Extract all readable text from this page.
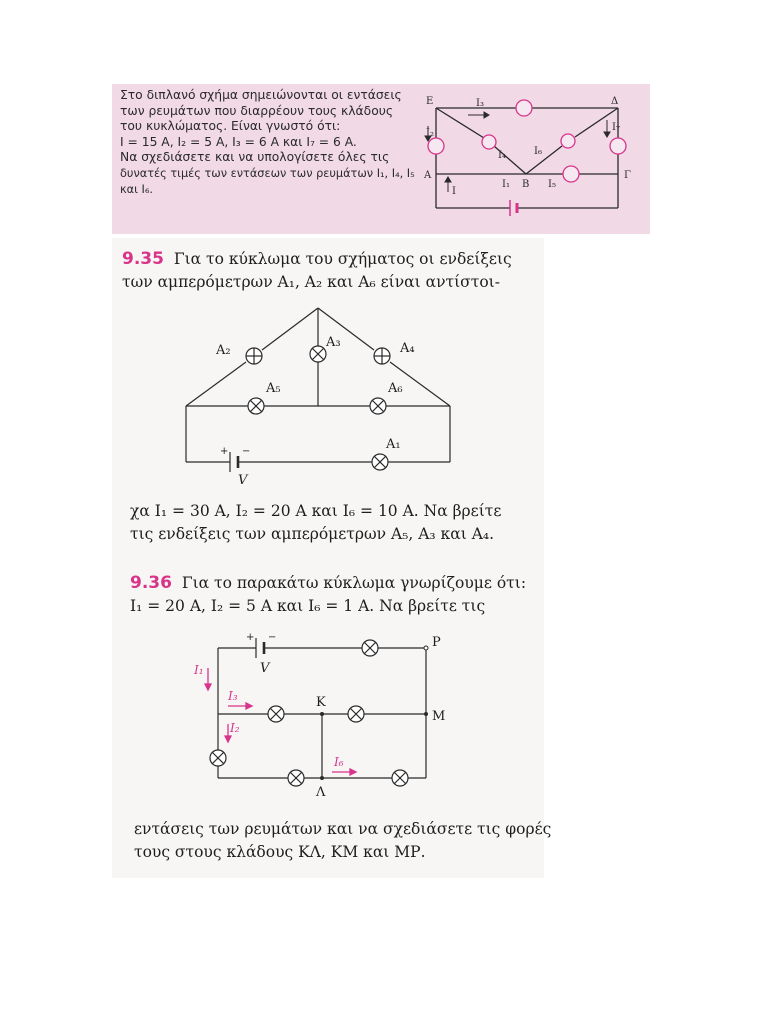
Στο διπλανό σχήμα σημειώνονται οι εντάσεις
των ρευμάτων που διαρρέουν τους κλάδους
του κυκλώματος. Είναι γνωστό ότι:
I = 15 A, I₂ = 5 A, I₃ = 6 A και I₇ = 6 A.
Να σχεδιάσετε και να υπολογίσετε όλες τις
δυνατές τιμές των εντάσεων των ρευμάτων I₁, I₄, I₅
και I₆.
Ε	Δ
Α
Β
Γ
I₃
I₂
I₇
I₄	I₆
I₁	I₅
I
9.35 Για το κύκλωμα του σχήματος οι ενδείξεις
των αμπερόμετρων A₁, A₂ και A₆ είναι αντίστοι-
A₂
A₃	A₄
A₅	A₆
A₁
V
+ −
χα I₁ = 30 A, I₂ = 20 A και I₆ = 10 A. Να βρείτε
τις ενδείξεις των αμπερόμετρων A₅, A₃ και A₄.
9.36 Για το παρακάτω κύκλωμα γνωρίζουμε ότι:
I₁ = 20 A, I₂ = 5 A και I₆ = 1 A. Να βρείτε τις
Ρ
Κ
Μ
Λ
V
+ −
I₁
I₃
I₂
I₆
εντάσεις των ρευμάτων και να σχεδιάσετε τις φορές
τους στους κλάδους ΚΛ, ΚΜ και ΜΡ.
